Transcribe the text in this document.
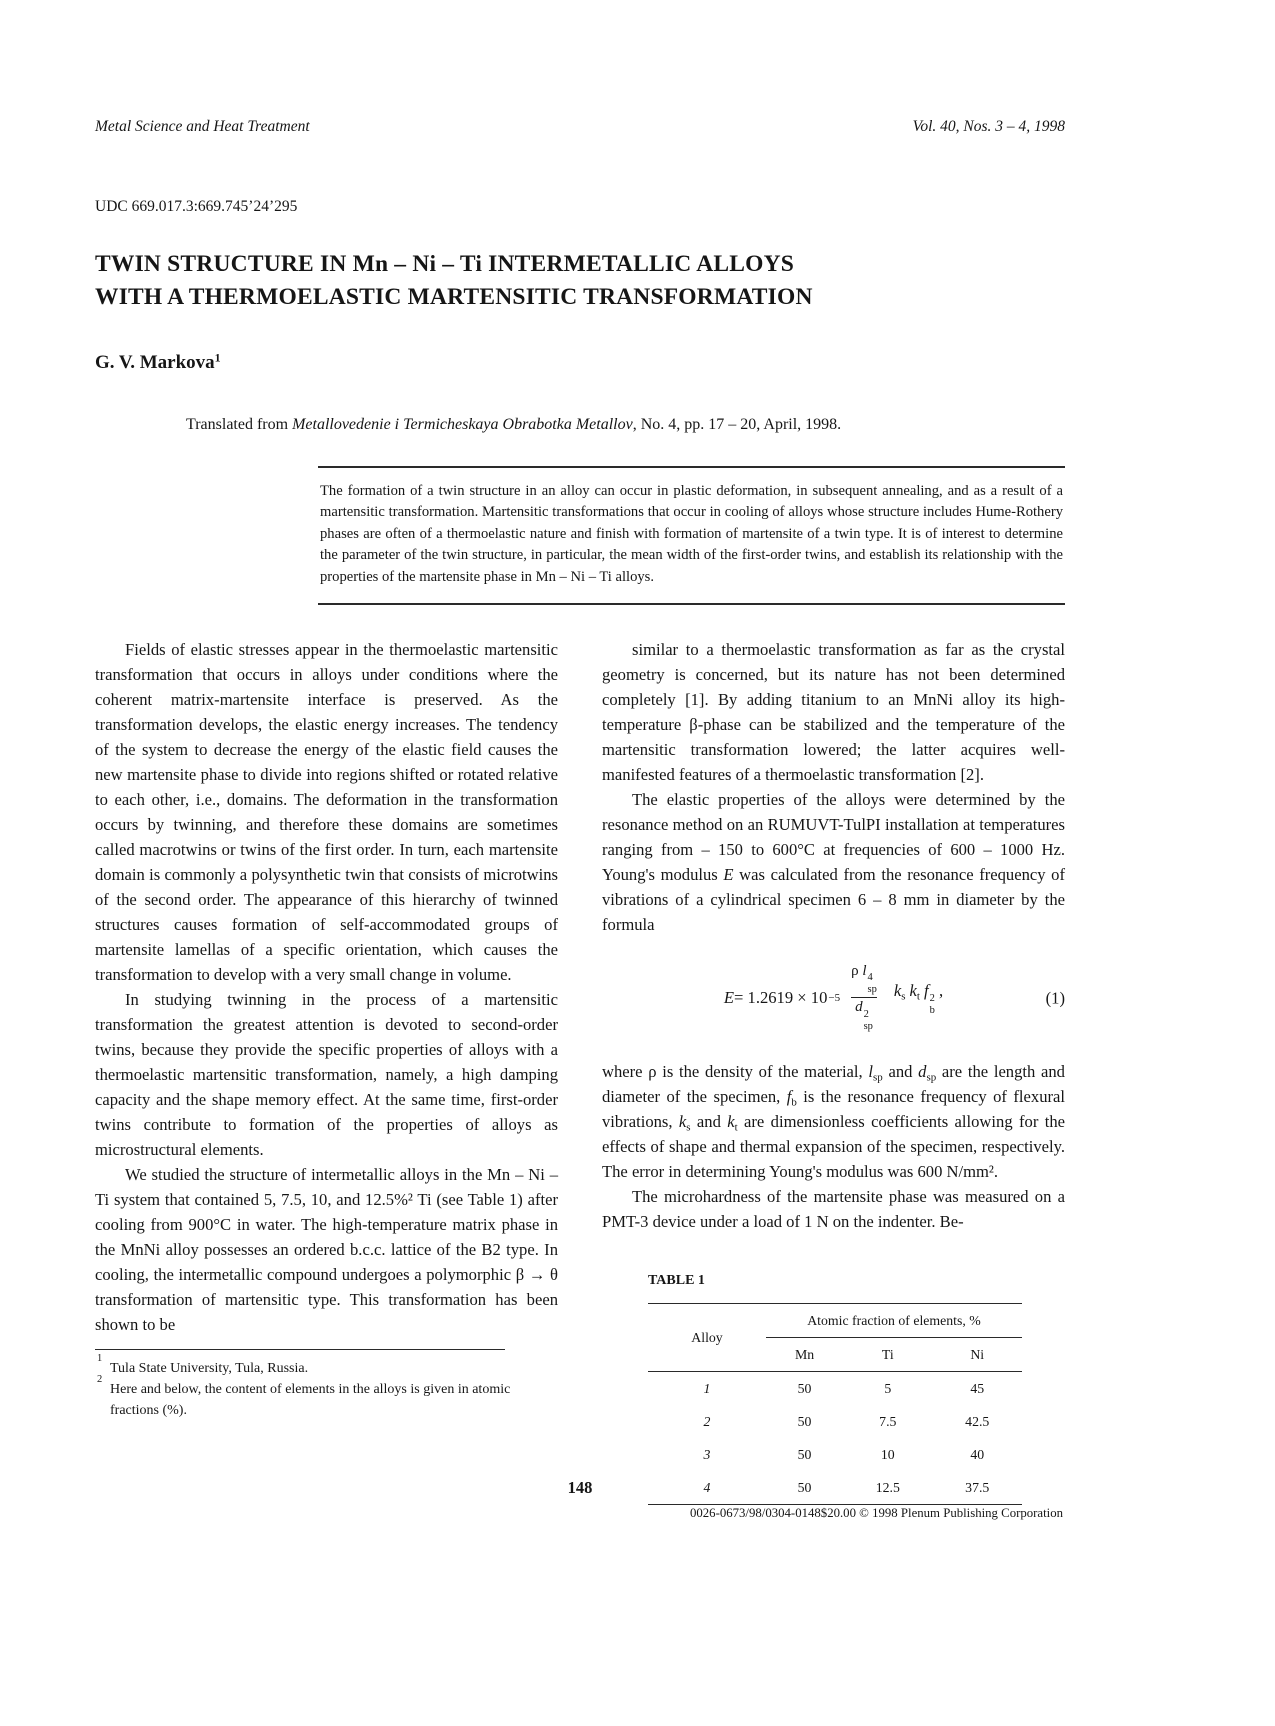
Metal Science and Heat Treatment	Vol. 40, Nos. 3 – 4, 1998
UDC 669.017.3:669.745’24’295
TWIN STRUCTURE IN Mn – Ni – Ti INTERMETALLIC ALLOYS
WITH A THERMOELASTIC MARTENSITIC TRANSFORMATION
G. V. Markova$^1$
Translated from Metallovedenie i Termicheskaya Obrabotka Metallov, No. 4, pp. 17 – 20, April, 1998.
The formation of a twin structure in an alloy can occur in plastic deformation, in subsequent annealing, and as a result of a martensitic transformation. Martensitic transformations that occur in cooling of alloys whose structure includes Hume-Rothery phases are often of a thermoelastic nature and finish with formation of martensite of a twin type. It is of interest to determine the parameter of the twin structure, in particular, the mean width of the first-order twins, and establish its relationship with the properties of the martensite phase in Mn – Ni – Ti alloys.

Fields of elastic stresses appear in the thermoelastic martensitic transformation that occurs in alloys under conditions where the coherent matrix-martensite interface is preserved. As the transformation develops, the elastic energy increases. The tendency of the system to decrease the energy of the elastic field causes the new martensite phase to divide into regions shifted or rotated relative to each other, i.e., domains. The deformation in the transformation occurs by twinning, and therefore these domains are sometimes called macrotwins or twins of the first order. In turn, each martensite domain is commonly a polysynthetic twin that consists of microtwins of the second order. The appearance of this hierarchy of twinned structures causes formation of self-accommodated groups of martensite lamellas of a specific orientation, which causes the transformation to develop with a very small change in volume.

In studying twinning in the process of a martensitic transformation the greatest attention is devoted to second-order twins, because they provide the specific properties of alloys with a thermoelastic martensitic transformation, namely, a high damping capacity and the shape memory effect. At the same time, first-order twins contribute to formation of the properties of alloys as microstructural elements.

We studied the structure of intermetallic alloys in the Mn – Ni – Ti system that contained 5, 7.5, 10, and 12.5%² Ti (see Table 1) after cooling from 900°C in water. The high-temperature matrix phase in the MnNi alloy possesses an ordered b.c.c. lattice of the B2 type. In cooling, the intermetallic compound undergoes a polymorphic β → θ transformation of martensitic type. This transformation has been shown to be

1
Tula State University, Tula, Russia.
2
Here and below, the content of elements in the alloys is given in atomic fractions (%).

similar to a thermoelastic transformation as far as the crystal geometry is concerned, but its nature has not been determined completely [1]. By adding titanium to an MnNi alloy its high-temperature β-phase can be stabilized and the temperature of the martensitic transformation lowered; the latter acquires well-manifested features of a thermoelastic transformation [2].

The elastic properties of the alloys were determined by the resonance method on an RUMUVT-TulPI installation at temperatures ranging from – 150 to 600°C at frequencies of 600 – 1000 Hz. Young's modulus E was calculated from the resonance frequency of vibrations of a cylindrical specimen 6 – 8 mm in diameter by the formula

E = 1.2619 × 10 −5 ρ l 4
sp
d 2
sp $k_s$ $k_t$ f 2
b
,	(1)

where ρ is the density of the material, $l_{sp}$ and $d_{sp}$ are the length and diameter of the specimen, $f_b$ is the resonance frequency of flexural vibrations, $k_s$ and $k_t$ are dimensionless coefficients allowing for the effects of shape and thermal expansion of the specimen, respectively. The error in determining Young's modulus was 600 N/mm².

The microhardness of the martensite phase was measured on a PMT-3 device under a load of 1 N on the indenter. Be-

TABLE 1
Alloy	Atomic fraction of elements, %		
	Mn	Ti	Ni
1	50	5	45
2	50	7.5	42.5
3	50	10	40
4	50	12.5	37.5
148
0026-0673/98/0304-0148$20.00 © 1998 Plenum Publishing Corporation
